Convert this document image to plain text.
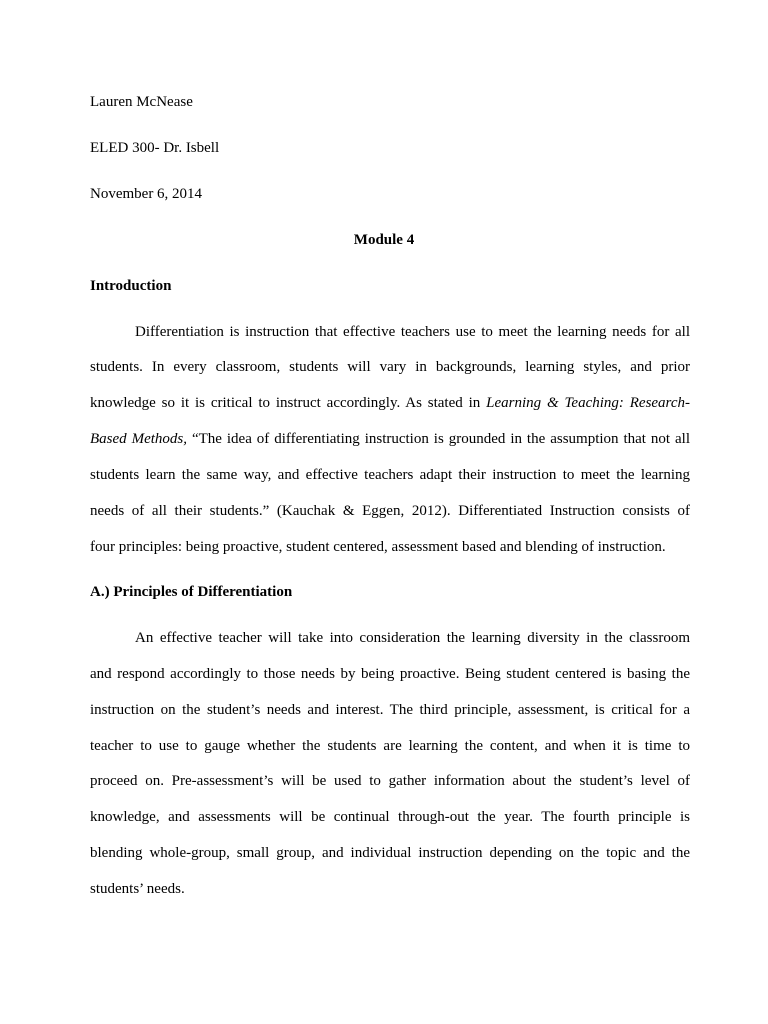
Lauren McNease
ELED 300- Dr. Isbell
November 6, 2014
Module 4
Introduction
Differentiation is instruction that effective teachers use to meet the learning needs for all
students. In every classroom, students will vary in backgrounds, learning styles, and prior
knowledge so it is critical to instruct accordingly. As stated in Learning & Teaching: Research-
Based Methods, “The idea of differentiating instruction is grounded in the assumption that not all
students learn the same way, and effective teachers adapt their instruction to meet the learning
needs of all their students.” (Kauchak & Eggen, 2012). Differentiated Instruction consists of
four principles: being proactive, student centered, assessment based and blending of instruction.
A.) Principles of Differentiation
An effective teacher will take into consideration the learning diversity in the classroom
and respond accordingly to those needs by being proactive. Being student centered is basing the
instruction on the student’s needs and interest. The third principle, assessment, is critical for a
teacher to use to gauge whether the students are learning the content, and when it is time to
proceed on. Pre-assessment’s will be used to gather information about the student’s level of
knowledge, and assessments will be continual through-out the year. The fourth principle is
blending whole-group, small group, and individual instruction depending on the topic and the
students’ needs.
